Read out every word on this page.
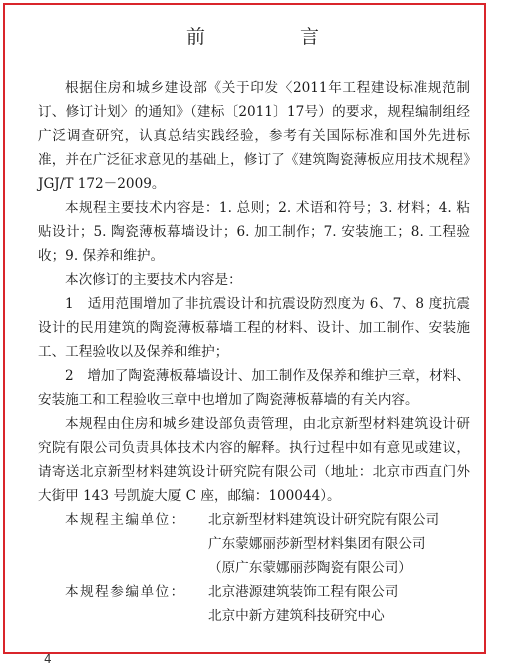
前　言

根据住房和城乡建设部《关于印发〈2011年工程建设标准规范制订、修订计划〉的通知》（建标〔2011〕17号）的要求，规程编制组经广泛调查研究，认真总结实践经验，参考有关国际标准和国外先进标准，并在广泛征求意见的基础上，修订了《建筑陶瓷薄板应用技术规程》JGJ/T 172－2009。

本规程主要技术内容是：1. 总则；2. 术语和符号；3. 材料；4. 粘贴设计；5. 陶瓷薄板幕墙设计；6. 加工制作；7. 安装施工；8. 工程验收；9. 保养和维护。

本次修订的主要技术内容是：

1　适用范围增加了非抗震设计和抗震设防烈度为 6、7、8 度抗震设计的民用建筑的陶瓷薄板幕墙工程的材料、设计、加工制作、安装施工、工程验收以及保养和维护；

2　增加了陶瓷薄板幕墙设计、加工制作及保养和维护三章，材料、安装施工和工程验收三章中也增加了陶瓷薄板幕墙的有关内容。

本规程由住房和城乡建设部负责管理，由北京新型材料建筑设计研究院有限公司负责具体技术内容的解释。执行过程中如有意见或建议，请寄送北京新型材料建筑设计研究院有限公司（地址：北京市西直门外大街甲 143 号凯旋大厦 C 座，邮编：100044）。

本规程主编单位：	北京新型材料建筑设计研究院有限公司
广东蒙娜丽莎新型材料集团有限公司
（原广东蒙娜丽莎陶瓷有限公司）
本规程参编单位：	北京港源建筑装饰工程有限公司
北京中新方建筑科技研究中心
4
